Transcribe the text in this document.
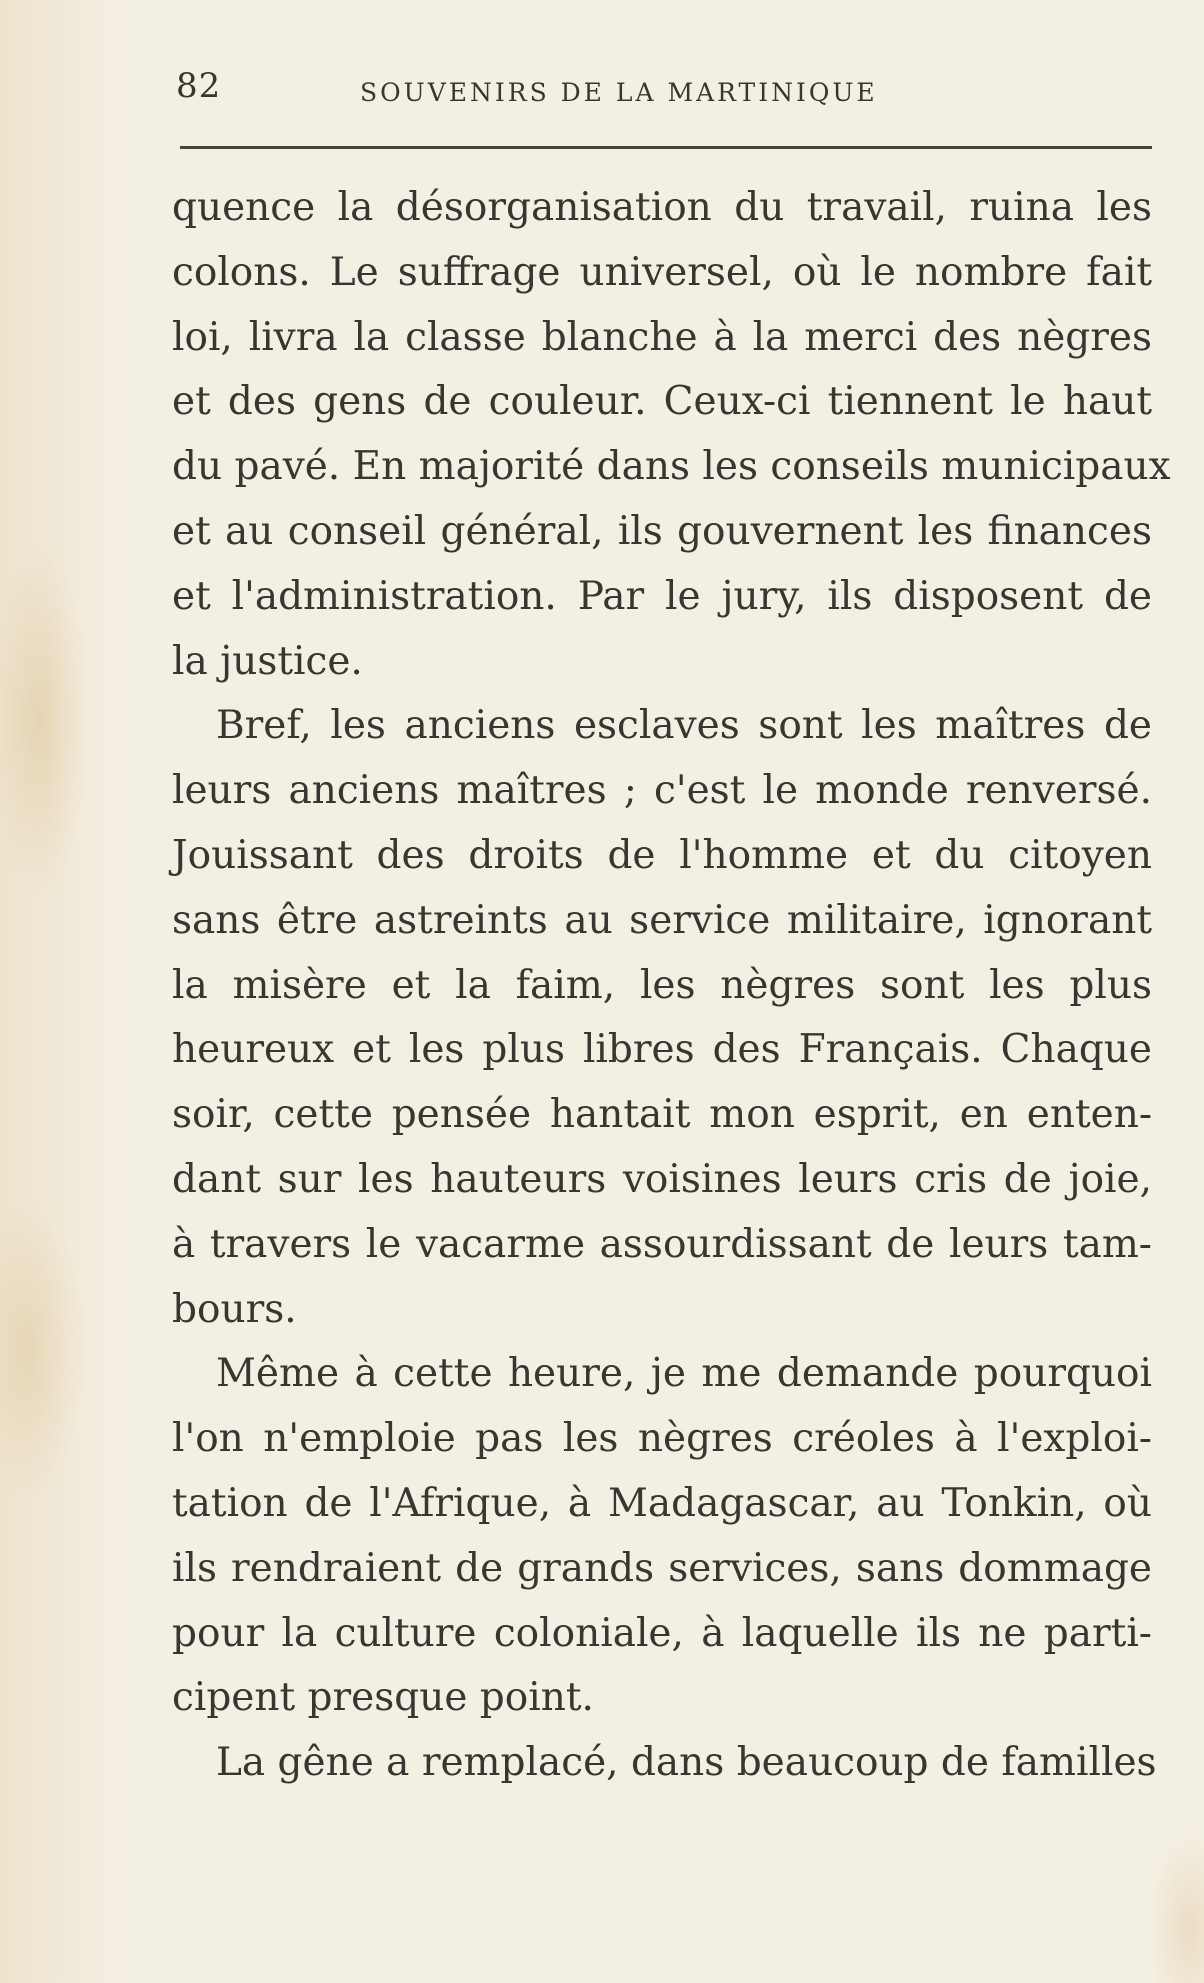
82	SOUVENIRS DE LA MARTINIQUE
quence la désorganisation du travail, ruina les
colons. Le suffrage universel, où le nombre fait
loi, livra la classe blanche à la merci des nègres
et des gens de couleur. Ceux-ci tiennent le haut
du pavé. En majorité dans les conseils municipaux
et au conseil général, ils gouvernent les finances
et l'administration. Par le jury, ils disposent de
la justice.
Bref, les anciens esclaves sont les maîtres de
leurs anciens maîtres ; c'est le monde renversé.
Jouissant des droits de l'homme et du citoyen
sans être astreints au service militaire, ignorant
la misère et la faim, les nègres sont les plus
heureux et les plus libres des Français. Chaque
soir, cette pensée hantait mon esprit, en enten-
dant sur les hauteurs voisines leurs cris de joie,
à travers le vacarme assourdissant de leurs tam-
bours.
Même à cette heure, je me demande pourquoi
l'on n'emploie pas les nègres créoles à l'exploi-
tation de l'Afrique, à Madagascar, au Tonkin, où
ils rendraient de grands services, sans dommage
pour la culture coloniale, à laquelle ils ne parti-
cipent presque point.
La gêne a remplacé, dans beaucoup de familles
